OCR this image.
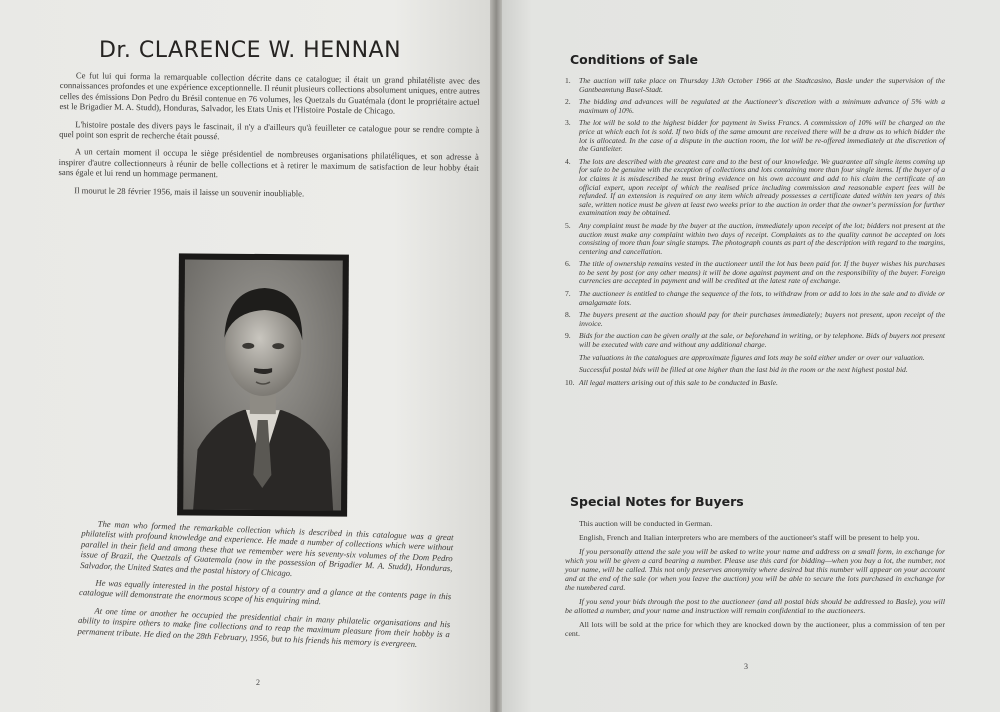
Dr. CLARENCE W. HENNAN

Ce fut lui qui forma la remarquable collection décrite dans ce catalogue; il était un grand philatéliste avec des connaissances profondes et une expérience exceptionnelle. Il réunit plusieurs collections absolument uniques, entre autres celles des émissions Don Pedro du Brésil contenue en 76 volumes, les Quetzals du Guatémala (dont le propriétaire actuel est le Brigadier M. A. Studd), Honduras, Salvador, les Etats Unis et l'Histoire Postale de Chicago.

L'histoire postale des divers pays le fascinait, il n'y a d'ailleurs qu'à feuilleter ce catalogue pour se rendre compte à quel point son esprit de recherche était poussé.

A un certain moment il occupa le siège présidentiel de nombreuses organisations philatéliques, et son adresse à inspirer d'autre collectionneurs à réunir de belle collections et à retirer le maximum de satisfaction de leur hobby était sans égale et lui rend un hommage permanent.

Il mourut le 28 février 1956, mais il laisse un souvenir inoubliable.

The man who formed the remarkable collection which is described in this catalogue was a great philatelist with profound knowledge and experience. He made a number of collections which were without parallel in their field and among these that we remember were his seventy-six volumes of the Dom Pedro issue of Brazil, the Quetzals of Guatemala (now in the possession of Brigadier M. A. Studd), Honduras, Salvador, the United States and the postal history of Chicago.

He was equally interested in the postal history of a country and a glance at the contents page in this catalogue will demonstrate the enormous scope of his enquiring mind.

At one time or another he occupied the presidential chair in many philatelic organisations and his ability to inspire others to make fine collections and to reap the maximum pleasure from their hobby is a permanent tribute. He died on the 28th February, 1956, but to his friends his memory is evergreen.

2
Conditions of Sale
1.	The auction will take place on Thursday 13th October 1966 at the Stadtcasino, Basle under the supervision of the Gantbeamtung Basel-Stadt.
2.	The bidding and advances will be regulated at the Auctioneer's discretion with a minimum advance of 5% with a maximum of 10%.
3.	The lot will be sold to the highest bidder for payment in Swiss Francs. A commission of 10% will be charged on the price at which each lot is sold. If two bids of the same amount are received there will be a draw as to which bidder the lot is allocated. In the case of a dispute in the auction room, the lot will be re-offered immediately at the discretion of the Gantleiter.
4.	The lots are described with the greatest care and to the best of our knowledge. We guarantee all single items coming up for sale to be genuine with the exception of collections and lots containing more than four single items. If the buyer of a lot claims it is misdescribed he must bring evidence on his own account and add to his claim the certificate of an official expert, upon receipt of which the realised price including commission and reasonable expert fees will be refunded. If an extension is required on any item which already possesses a certificate dated within ten years of this sale, written notice must be given at least two weeks prior to the auction in order that the owner's permission for further examination may be obtained.
5.	Any complaint must be made by the buyer at the auction, immediately upon receipt of the lot; bidders not present at the auction must make any complaint within two days of receipt. Complaints as to the quality cannot be accepted on lots consisting of more than four single stamps. The photograph counts as part of the description with regard to the margins, centering and cancellation.
6.	The title of ownership remains vested in the auctioneer until the lot has been paid for. If the buyer wishes his purchases to be sent by post (or any other means) it will be done against payment and on the responsibility of the buyer. Foreign currencies are accepted in payment and will be credited at the latest rate of exchange.
7.	The auctioneer is entitled to change the sequence of the lots, to withdraw from or add to lots in the sale and to divide or amalgamate lots.
8.	The buyers present at the auction should pay for their purchases immediately; buyers not present, upon receipt of the invoice.
9.	Bids for the auction can be given orally at the sale, or beforehand in writing, or by telephone. Bids of buyers not present will be executed with care and without any additional charge.
The valuations in the catalogues are approximate figures and lots may be sold either under or over our valuation.
Successful postal bids will be filled at one higher than the last bid in the room or the next highest postal bid.
10. All legal matters arising out of this sale to be conducted in Basle.
Special Notes for Buyers

This auction will be conducted in German.

English, French and Italian interpreters who are members of the auctioneer's staff will be present to help you.

If you personally attend the sale you will be asked to write your name and address on a small form, in exchange for which you will be given a card bearing a number. Please use this card for bidding—when you buy a lot, the number, not your name, will be called. This not only preserves anonymity where desired but this number will appear on your account and at the end of the sale (or when you leave the auction) you will be able to secure the lots purchased in exchange for the numbered card.

If you send your bids through the post to the auctioneer (and all postal bids should be addressed to Basle), you will be allotted a number, and your name and instruction will remain confidential to the auctioneers.

All lots will be sold at the price for which they are knocked down by the auctioneer, plus a commission of ten per cent.

3
